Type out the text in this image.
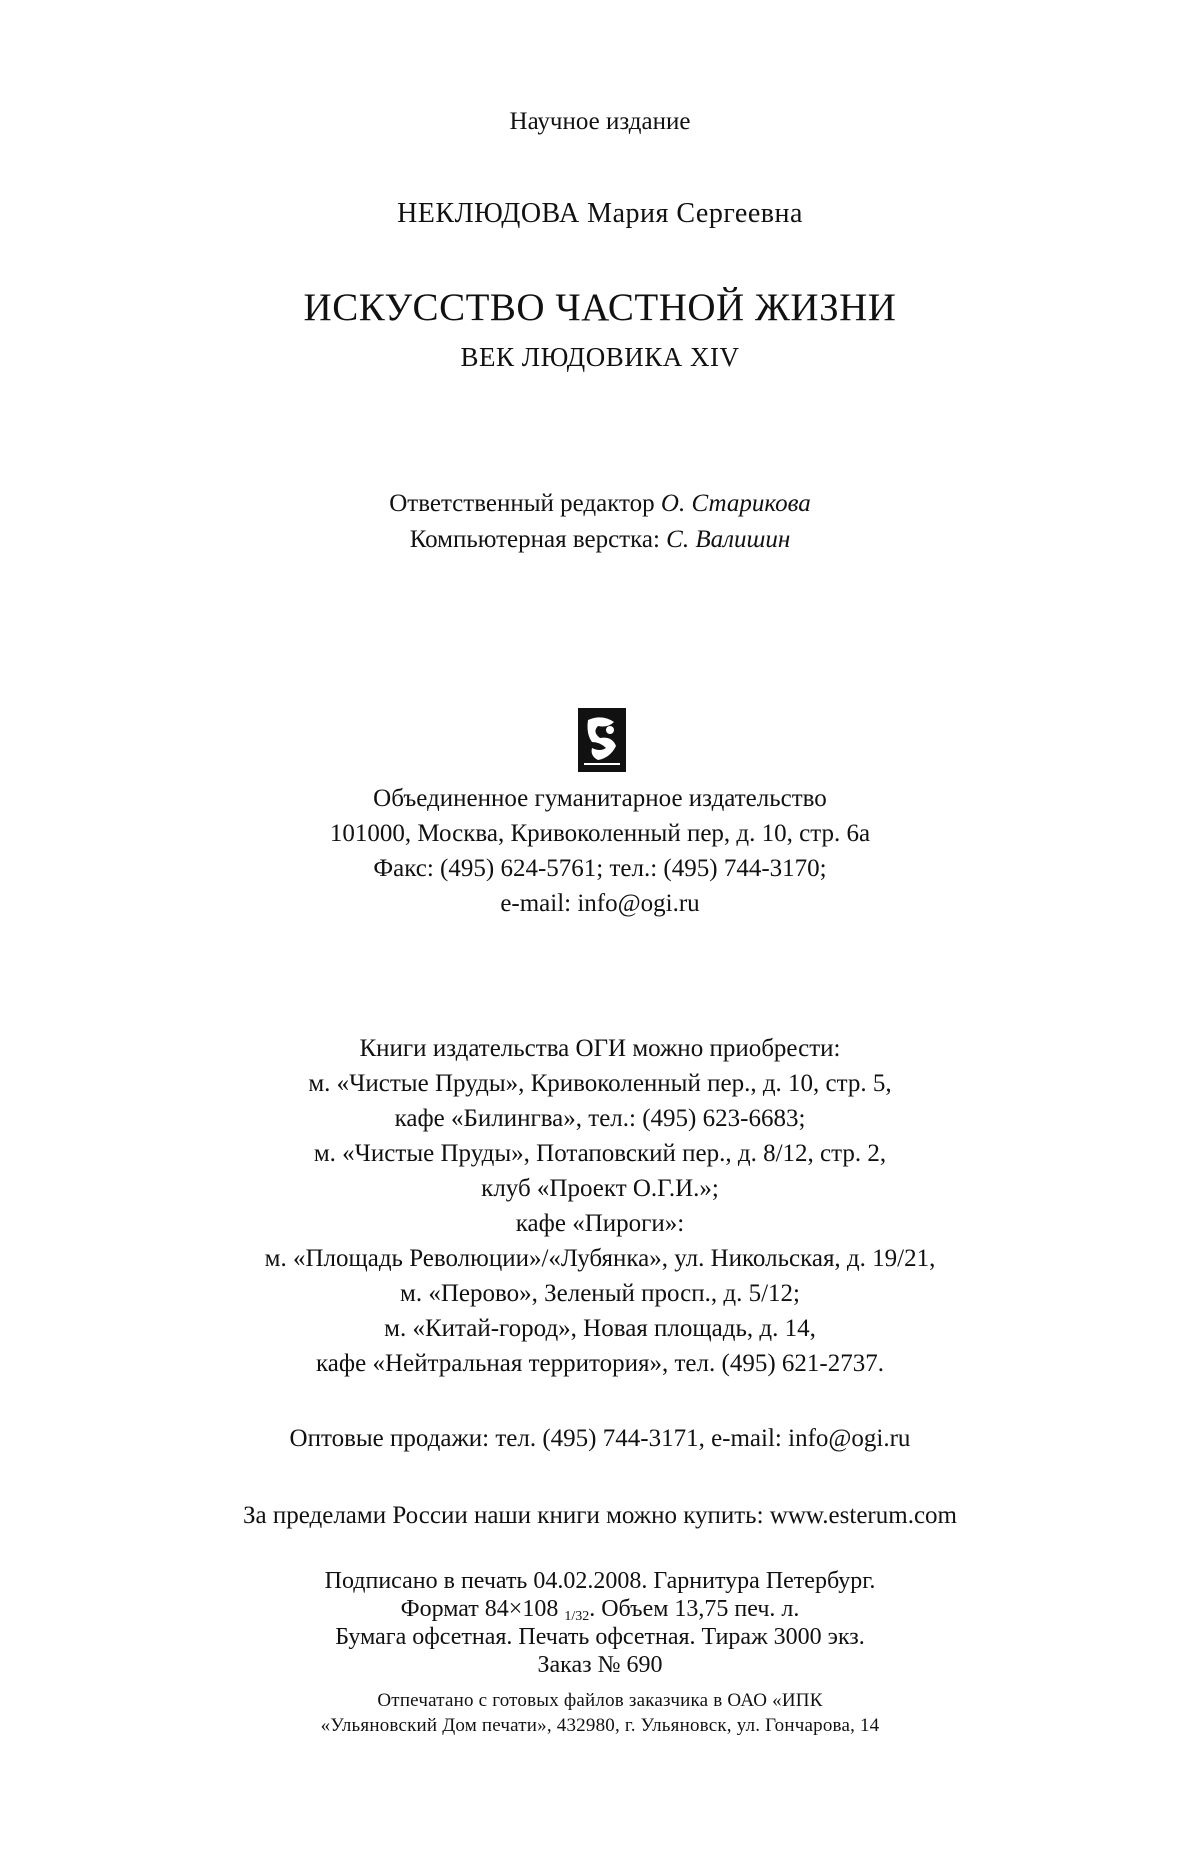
Научное издание
НЕКЛЮДОВА Мария Сергеевна
ИСКУССТВО ЧАСТНОЙ ЖИЗНИ
ВЕК ЛЮДОВИКА XIV
Ответственный редактор О. Старикова
Компьютерная верстка: С. Валишин
Объединенное гуманитарное издательство
101000, Москва, Кривоколенный пер, д. 10, стр. 6а
Факс: (495) 624-5761; тел.: (495) 744-3170;
e-mail: info@ogi.ru
Книги издательства ОГИ можно приобрести:
м. «Чистые Пруды», Кривоколенный пер., д. 10, стр. 5,
кафе «Билингва», тел.: (495) 623-6683;
м. «Чистые Пруды», Потаповский пер., д. 8/12, стр. 2,
клуб «Проект О.Г.И.»;
кафе «Пироги»:
м. «Площадь Революции»/«Лубянка», ул. Никольская, д. 19/21,
м. «Перово», Зеленый просп., д. 5/12;
м. «Китай-город», Новая площадь, д. 14,
кафе «Нейтральная территория», тел. (495) 621-2737.
Оптовые продажи: тел. (495) 744-3171, e-mail: info@ogi.ru
За пределами России наши книги можно купить: www.esterum.com
Подписано в печать 04.02.2008. Гарнитура Петербург.
Формат 84×108 1/32. Объем 13,75 печ. л.
Бумага офсетная. Печать офсетная. Тираж 3000 экз.
Заказ № 690
Отпечатано с готовых файлов заказчика в ОАО «ИПК
«Ульяновский Дом печати», 432980, г. Ульяновск, ул. Гончарова, 14
